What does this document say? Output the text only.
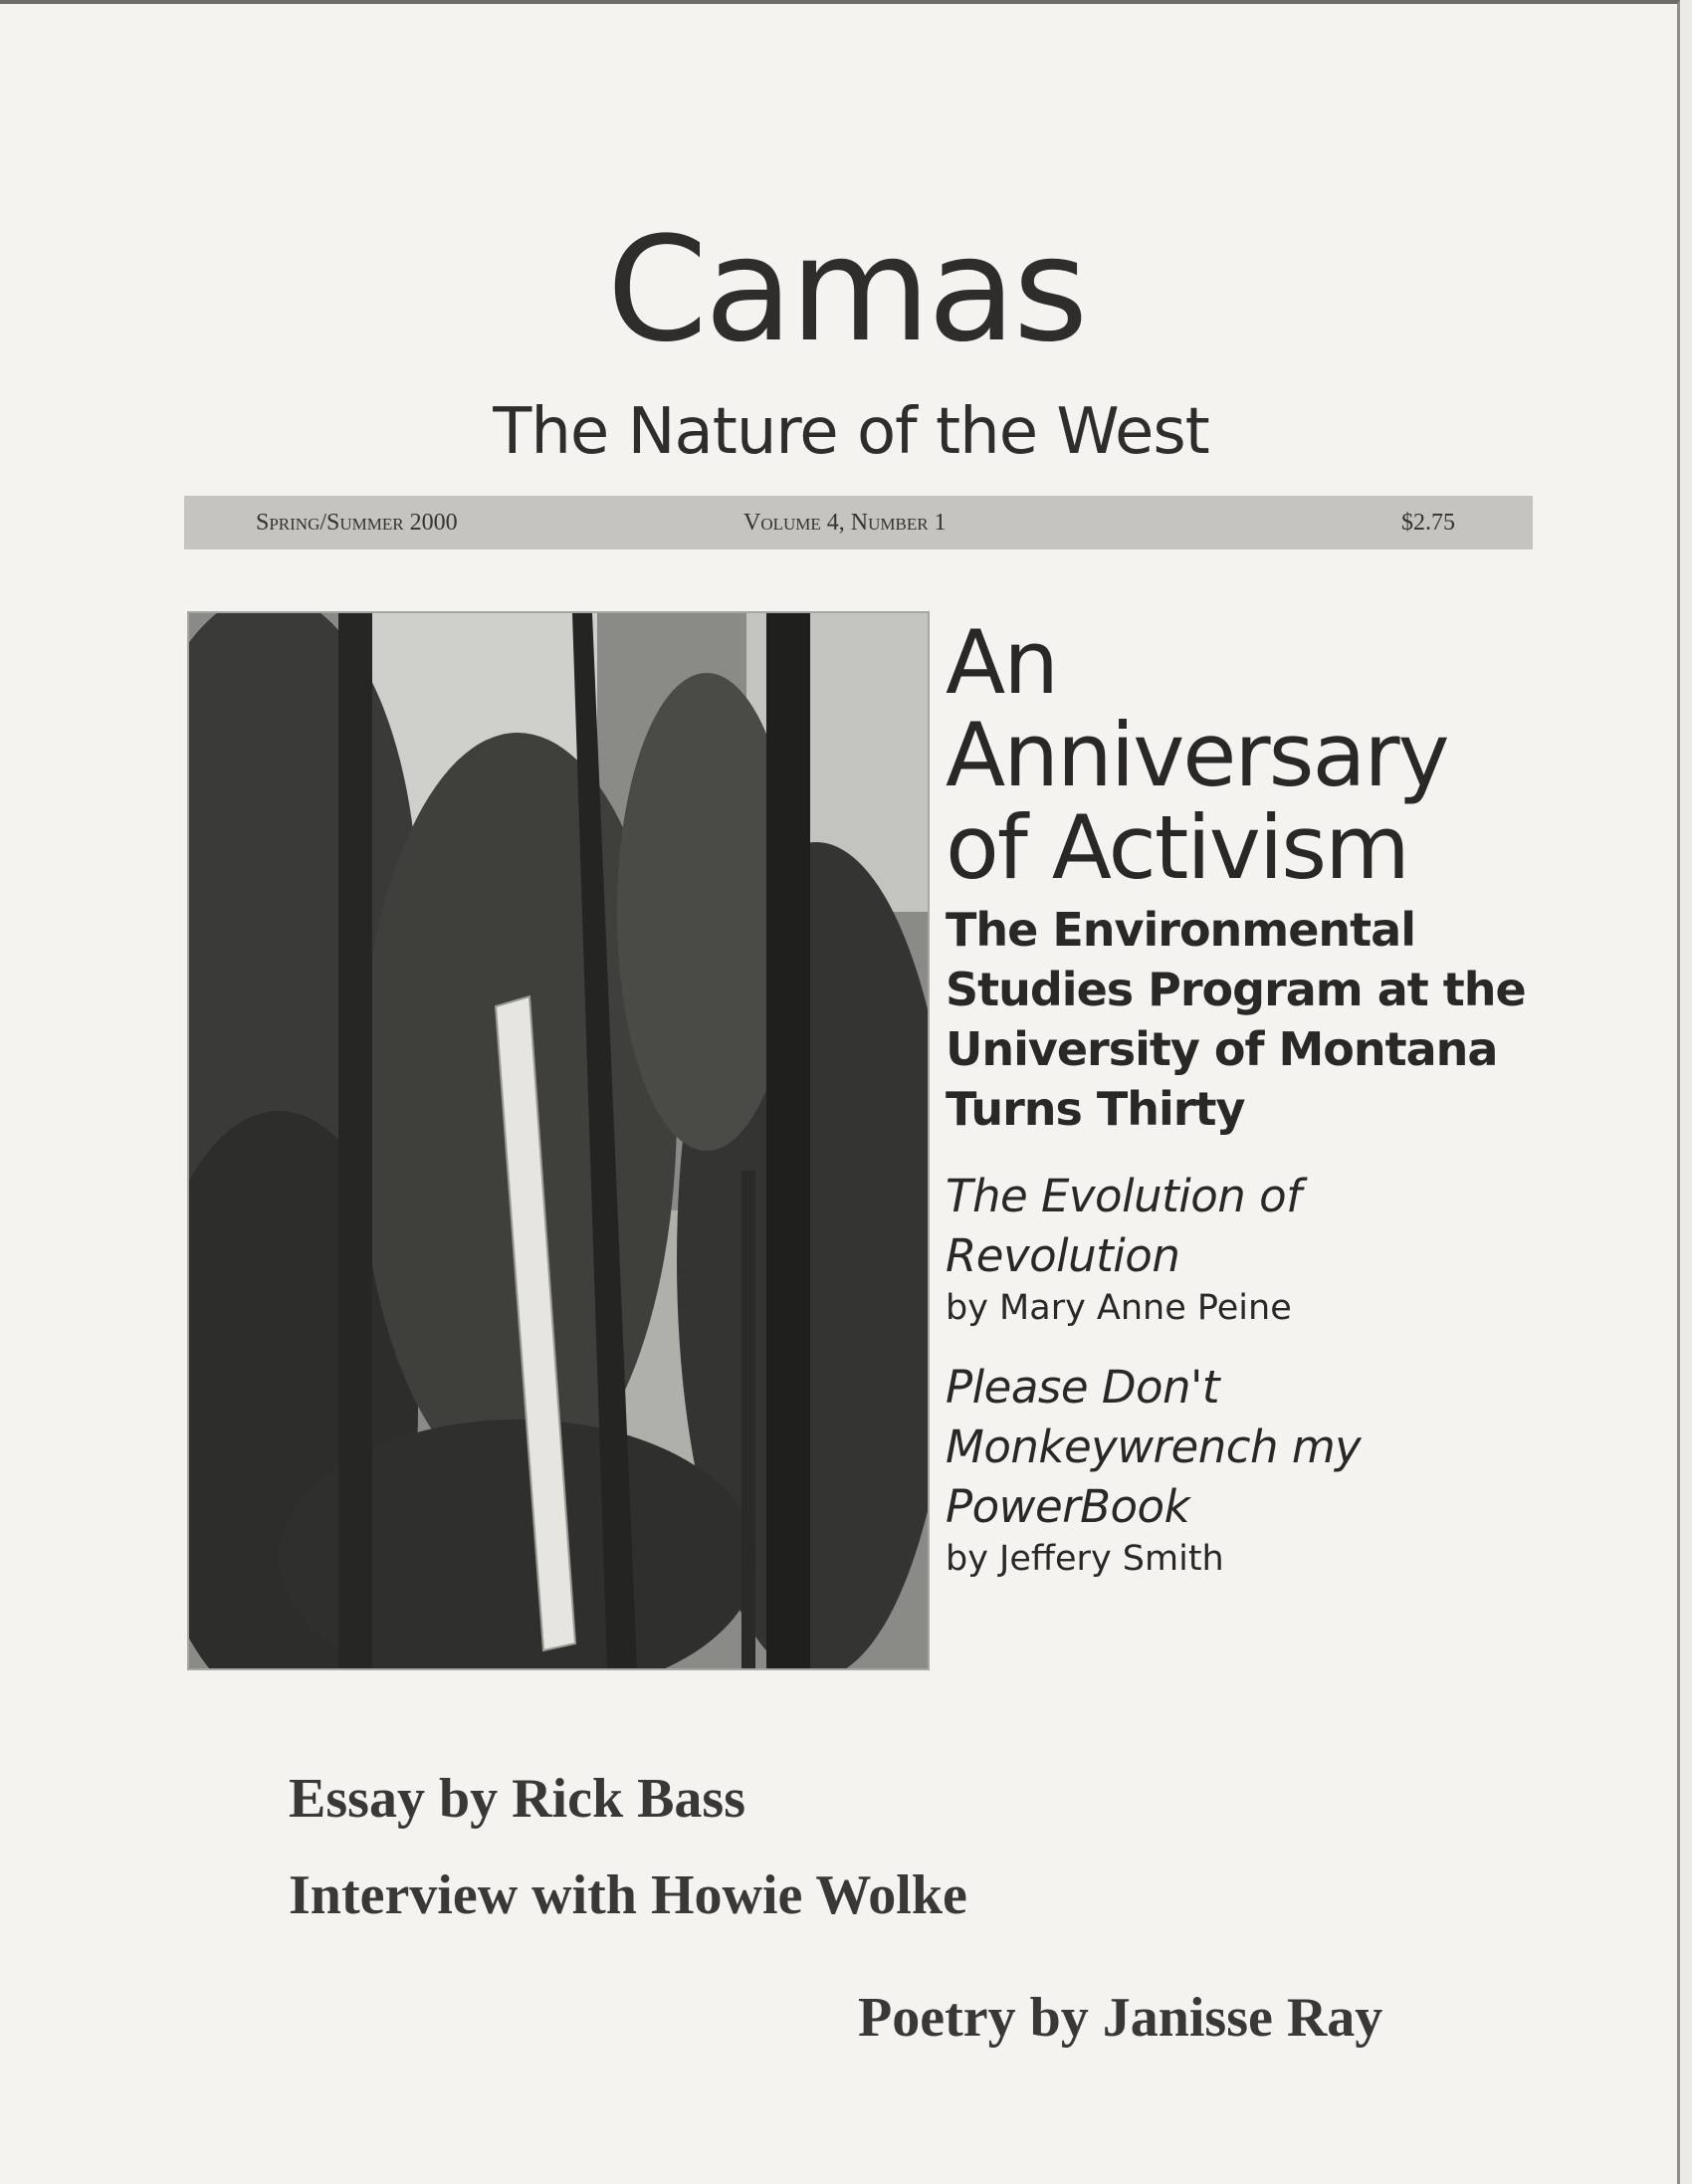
Camas
The Nature of the West
Spring/Summer 2000	Volume 4, Number 1	$2.75
An
Anniversary
of Activism
The Environmental
Studies Program at the
University of Montana
Turns Thirty
The Evolution of
Revolution
by Mary Anne Peine
Please Don't
Monkeywrench my
PowerBook
by Jeffery Smith
Essay by Rick Bass
Interview with Howie Wolke
Poetry by Janisse Ray
